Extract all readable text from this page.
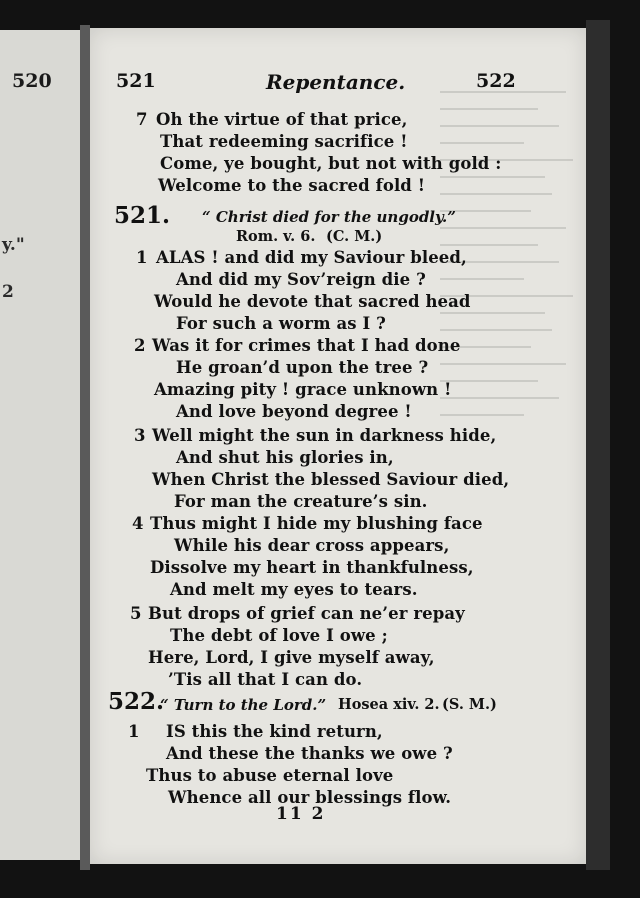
520
y."
2
521	Repentance.	522
7 Oh the virtue of that price,
That redeeming sacrifice !
Come, ye bought, but not with gold :
Welcome to the sacred fold !
521. “ Christ died for the ungodly.”
Rom. v. 6. (C. M.)
1 ALAS ! and did my Saviour bleed,
And did my Sov’reign die ?
Would he devote that sacred head
For such a worm as I ?
2 Was it for crimes that I had done
He groan’d upon the tree ?
Amazing pity ! grace unknown !
And love beyond degree !
3 Well might the sun in darkness hide,
And shut his glories in,
When Christ the blessed Saviour died,
For man the creature’s sin.
4 Thus might I hide my blushing face
While his dear cross appears,
Dissolve my heart in thankfulness,
And melt my eyes to tears.
5 But drops of grief can ne’er repay
The debt of love I owe ;
Here, Lord, I give myself away,
’Tis all that I can do.
522.
“ Turn to the Lord.” Hosea xiv. 2. (S. M.)
1 IS this the kind return,
And these the thanks we owe ?
Thus to abuse eternal love
Whence all our blessings flow.
11 2
